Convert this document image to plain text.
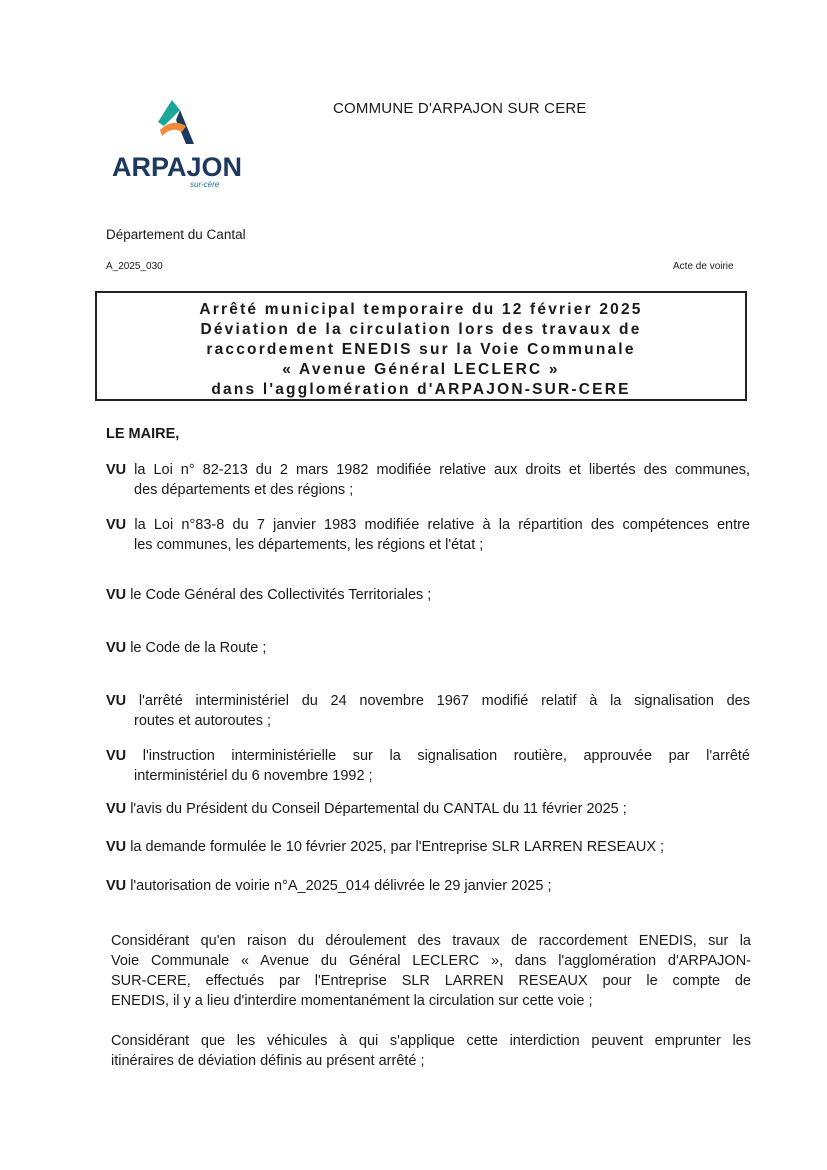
ARPAJON
sur-cère
COMMUNE D'ARPAJON SUR CERE
Département du Cantal
A_2025_030	Acte de voirie
Arrêté municipal temporaire du 12 février 2025
Déviation de la circulation lors des travaux de
raccordement ENEDIS sur la Voie Communale
« Avenue Général LECLERC »
dans l'agglomération d'ARPAJON-SUR-CERE
LE MAIRE,
VU la Loi n° 82-213 du 2 mars 1982 modifiée relative aux droits et libertés des communes,
des départements et des régions ;
VU la Loi n°83-8 du 7 janvier 1983 modifiée relative à la répartition des compétences entre
les communes, les départements, les régions et l'état ;
VU le Code Général des Collectivités Territoriales ;
VU le Code de la Route ;
VU l'arrêté interministériel du 24 novembre 1967 modifié relatif à la signalisation des
routes et autoroutes ;
VU l'instruction interministérielle sur la signalisation routière, approuvée par l'arrêté
interministériel du 6 novembre 1992 ;
VU l'avis du Président du Conseil Départemental du CANTAL du 11 février 2025 ;
VU la demande formulée le 10 février 2025, par l'Entreprise SLR LARREN RESEAUX ;
VU l'autorisation de voirie n°A_2025_014 délivrée le 29 janvier 2025 ;
Considérant qu'en raison du déroulement des travaux de raccordement ENEDIS, sur la
Voie Communale « Avenue du Général LECLERC », dans l'agglomération d'ARPAJON-
SUR-CERE, effectués par l'Entreprise SLR LARREN RESEAUX pour le compte de
ENEDIS, il y a lieu d'interdire momentanément la circulation sur cette voie ;
Considérant que les véhicules à qui s'applique cette interdiction peuvent emprunter les
itinéraires de déviation définis au présent arrêté ;
